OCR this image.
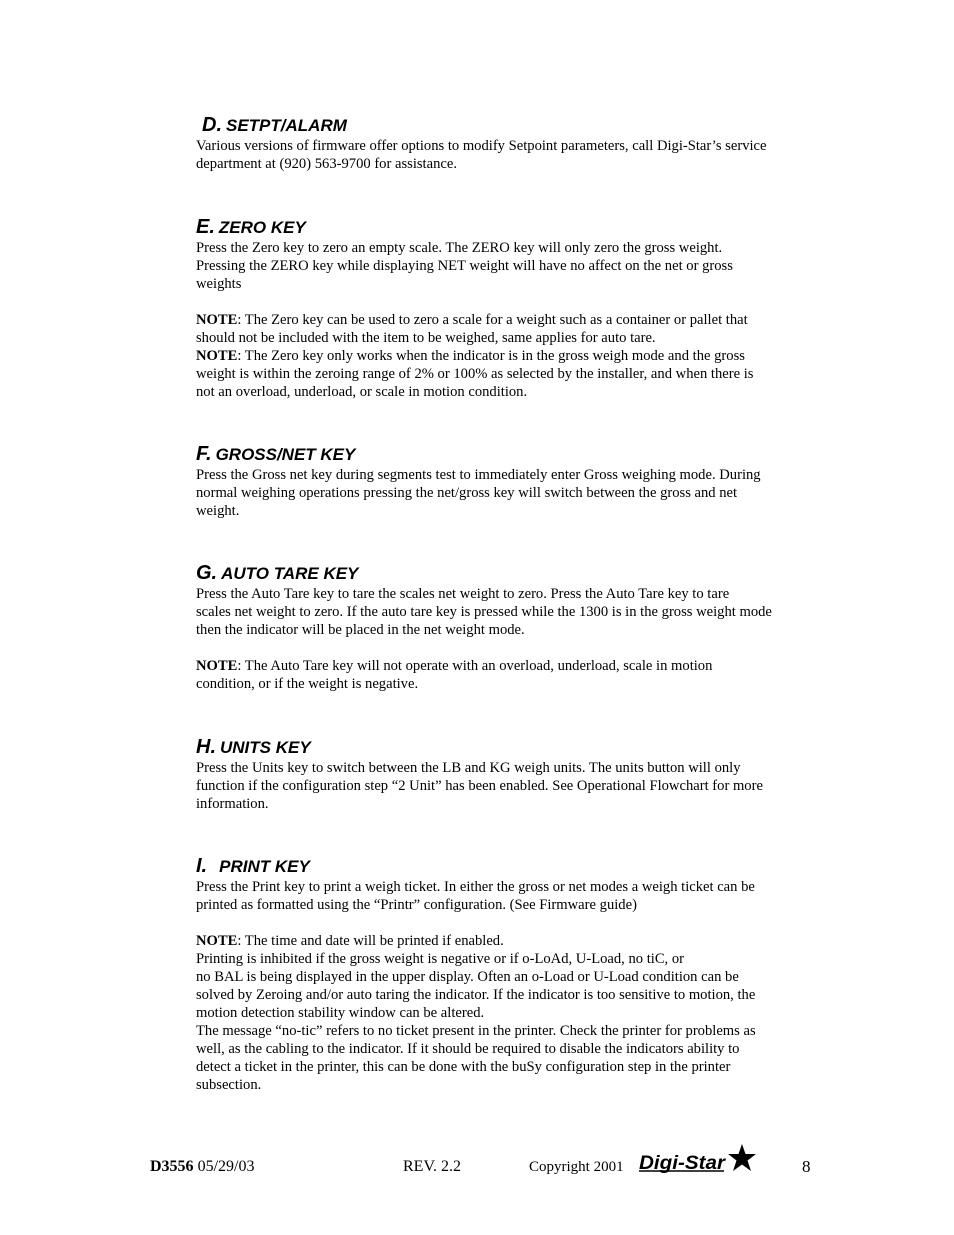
D. SETPT/ALARM

Various versions of firmware offer options to modify Setpoint parameters, call Digi-Star’s service
department at (920) 563-9700 for assistance.

E. ZERO KEY

Press the Zero key to zero an empty scale. The ZERO key will only zero the gross weight.
Pressing the ZERO key while displaying NET weight will have no affect on the net or gross
weights

NOTE: The Zero key can be used to zero a scale for a weight such as a container or pallet that
should not be included with the item to be weighed, same applies for auto tare.
NOTE: The Zero key only works when the indicator is in the gross weigh mode and the gross
weight is within the zeroing range of 2% or 100% as selected by the installer, and when there is
not an overload, underload, or scale in motion condition.

F. GROSS/NET KEY

Press the Gross net key during segments test to immediately enter Gross weighing mode. During
normal weighing operations pressing the net/gross key will switch between the gross and net
weight.

G. AUTO TARE KEY

Press the Auto Tare key to tare the scales net weight to zero. Press the Auto Tare key to tare
scales net weight to zero. If the auto tare key is pressed while the 1300 is in the gross weight mode
then the indicator will be placed in the net weight mode.

NOTE: The Auto Tare key will not operate with an overload, underload, scale in motion
condition, or if the weight is negative.

H. UNITS KEY

Press the Units key to switch between the LB and KG weigh units. The units button will only
function if the configuration step “2 Unit” has been enabled. See Operational Flowchart for more
information.

I. PRINT KEY

Press the Print key to print a weigh ticket. In either the gross or net modes a weigh ticket can be
printed as formatted using the “Printr” configuration. (See Firmware guide)

NOTE: The time and date will be printed if enabled.
Printing is inhibited if the gross weight is negative or if o-LoAd, U-Load, no tiC, or
no BAL is being displayed in the upper display. Often an o-Load or U-Load condition can be
solved by Zeroing and/or auto taring the indicator. If the indicator is too sensitive to motion, the
motion detection stability window can be altered.
The message “no-tic” refers to no ticket present in the printer. Check the printer for problems as
well, as the cabling to the indicator. If it should be required to disable the indicators ability to
detect a ticket in the printer, this can be done with the buSy configuration step in the printer
subsection.

D3556 05/29/03	REV. 2.2	Copyright 2001	8
Digi-Star
